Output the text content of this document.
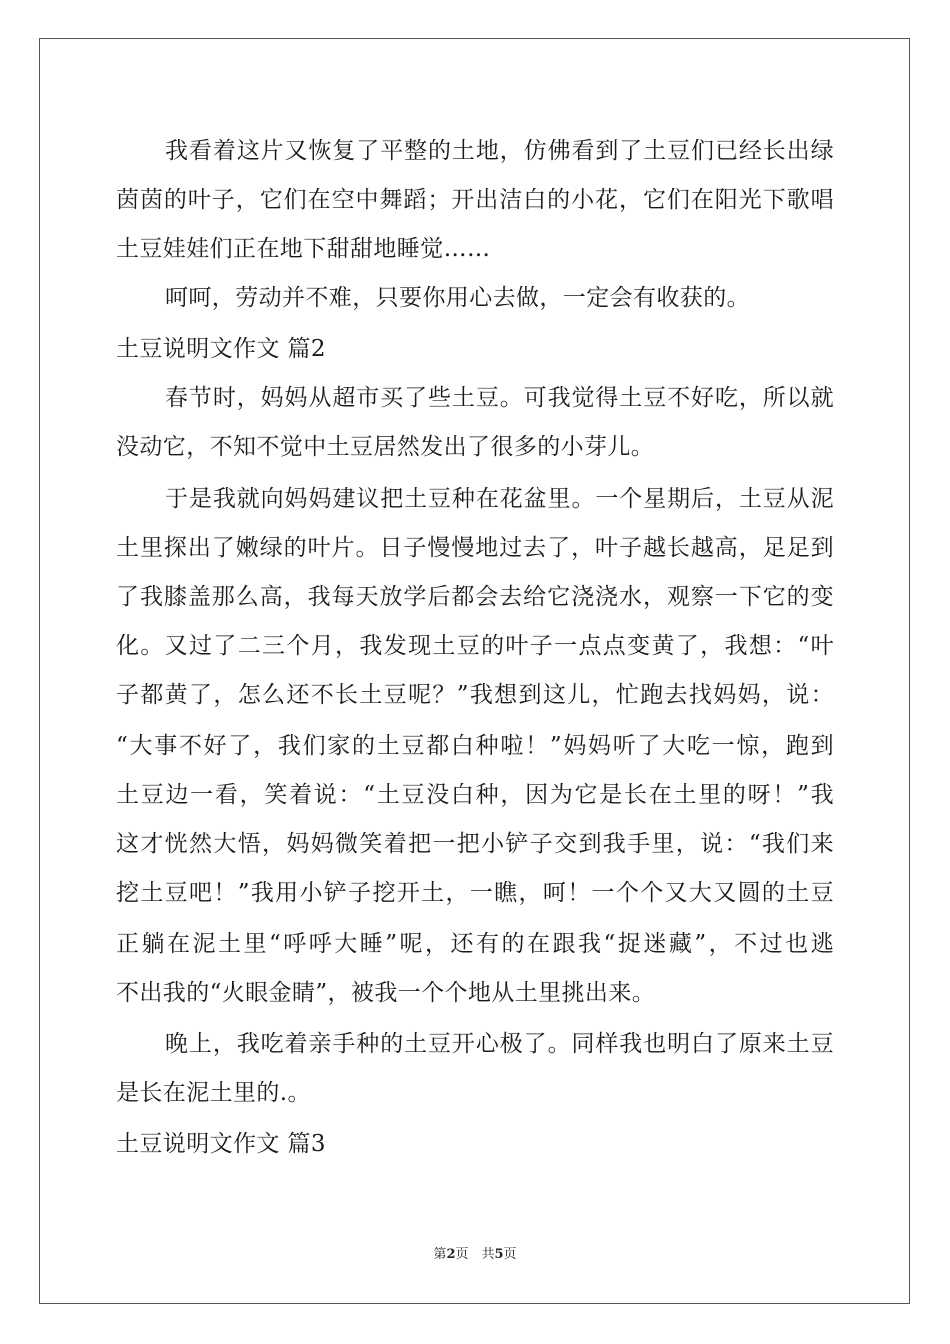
我看着这片又恢复了平整的土地，仿佛看到了土豆们已经长出绿
茵茵的叶子，它们在空中舞蹈；开出洁白的小花，它们在阳光下歌唱
土豆娃娃们正在地下甜甜地睡觉……
呵呵，劳动并不难，只要你用心去做，一定会有收获的。
土豆说明文作文 篇2
春节时，妈妈从超市买了些土豆。可我觉得土豆不好吃，所以就
没动它，不知不觉中土豆居然发出了很多的小芽儿。
于是我就向妈妈建议把土豆种在花盆里。一个星期后，土豆从泥
土里探出了嫩绿的叶片。日子慢慢地过去了，叶子越长越高，足足到
了我膝盖那么高，我每天放学后都会去给它浇浇水，观察一下它的变
化。又过了二三个月，我发现土豆的叶子一点点变黄了，我想：“叶
子都黄了，怎么还不长土豆呢？”我想到这儿，忙跑去找妈妈，说：
“大事不好了，我们家的土豆都白种啦！”妈妈听了大吃一惊，跑到
土豆边一看，笑着说：“土豆没白种，因为它是长在土里的呀！”我
这才恍然大悟，妈妈微笑着把一把小铲子交到我手里，说：“我们来
挖土豆吧！”我用小铲子挖开土，一瞧，呵！一个个又大又圆的土豆
正躺在泥土里“呼呼大睡”呢，还有的在跟我“捉迷藏”，不过也逃
不出我的“火眼金睛”，被我一个个地从土里挑出来。
晚上，我吃着亲手种的土豆开心极了。同样我也明白了原来土豆
是长在泥土里的.。
土豆说明文作文 篇3
第2页　共5页
